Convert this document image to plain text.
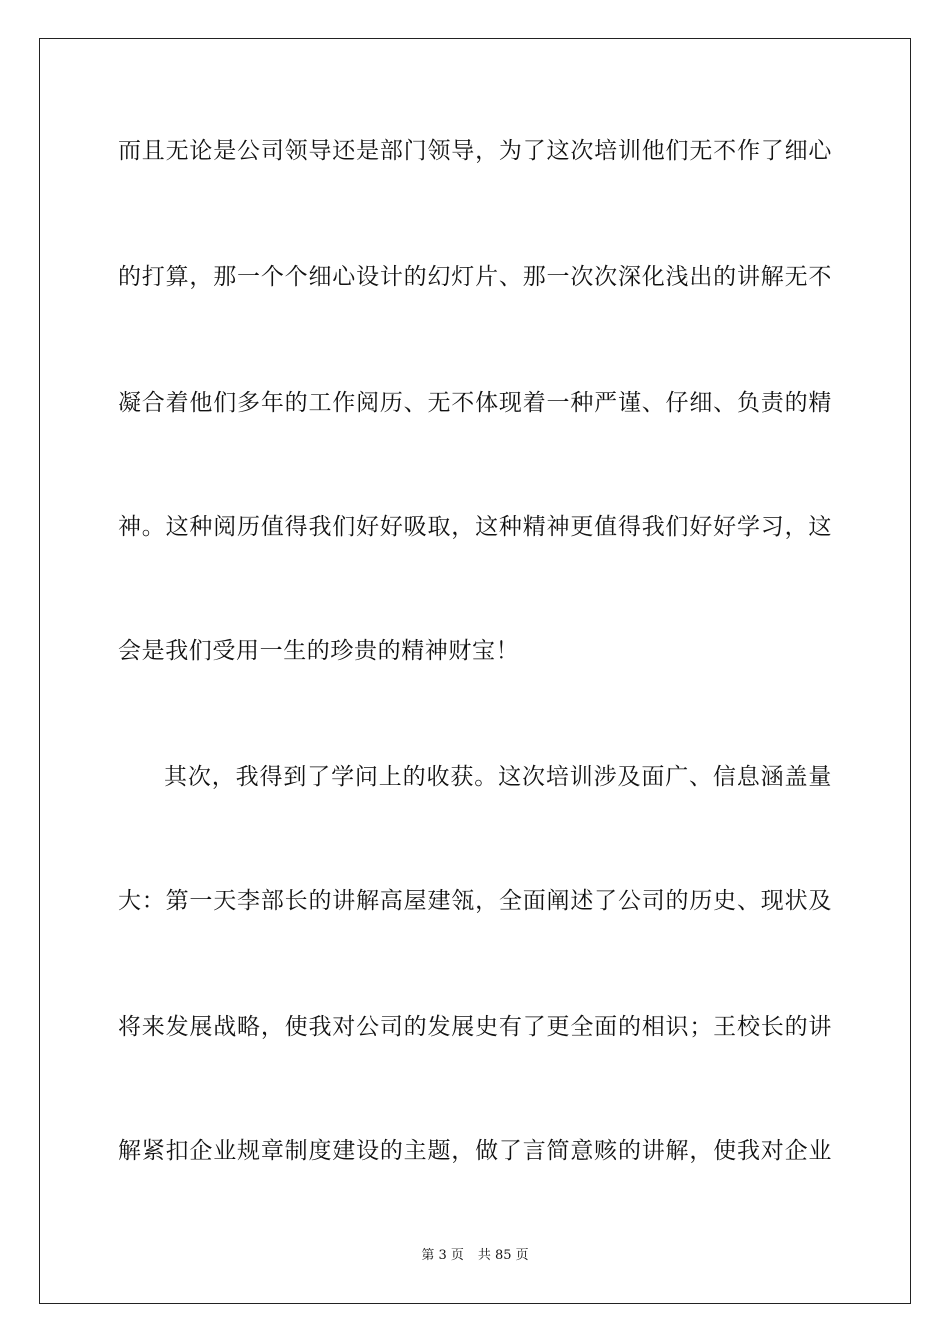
而且无论是公司领导还是部门领导，为了这次培训他们无不作了细心
的打算，那一个个细心设计的幻灯片、那一次次深化浅出的讲解无不
凝合着他们多年的工作阅历、无不体现着一种严谨、仔细、负责的精
神。这种阅历值得我们好好吸取，这种精神更值得我们好好学习，这
会是我们受用一生的珍贵的精神财宝！
其次，我得到了学问上的收获。这次培训涉及面广、信息涵盖量
大：第一天李部长的讲解高屋建瓴，全面阐述了公司的历史、现状及
将来发展战略，使我对公司的发展史有了更全面的相识；王校长的讲
解紧扣企业规章制度建设的主题，做了言简意赅的讲解，使我对企业
第 3 页 共 85 页
